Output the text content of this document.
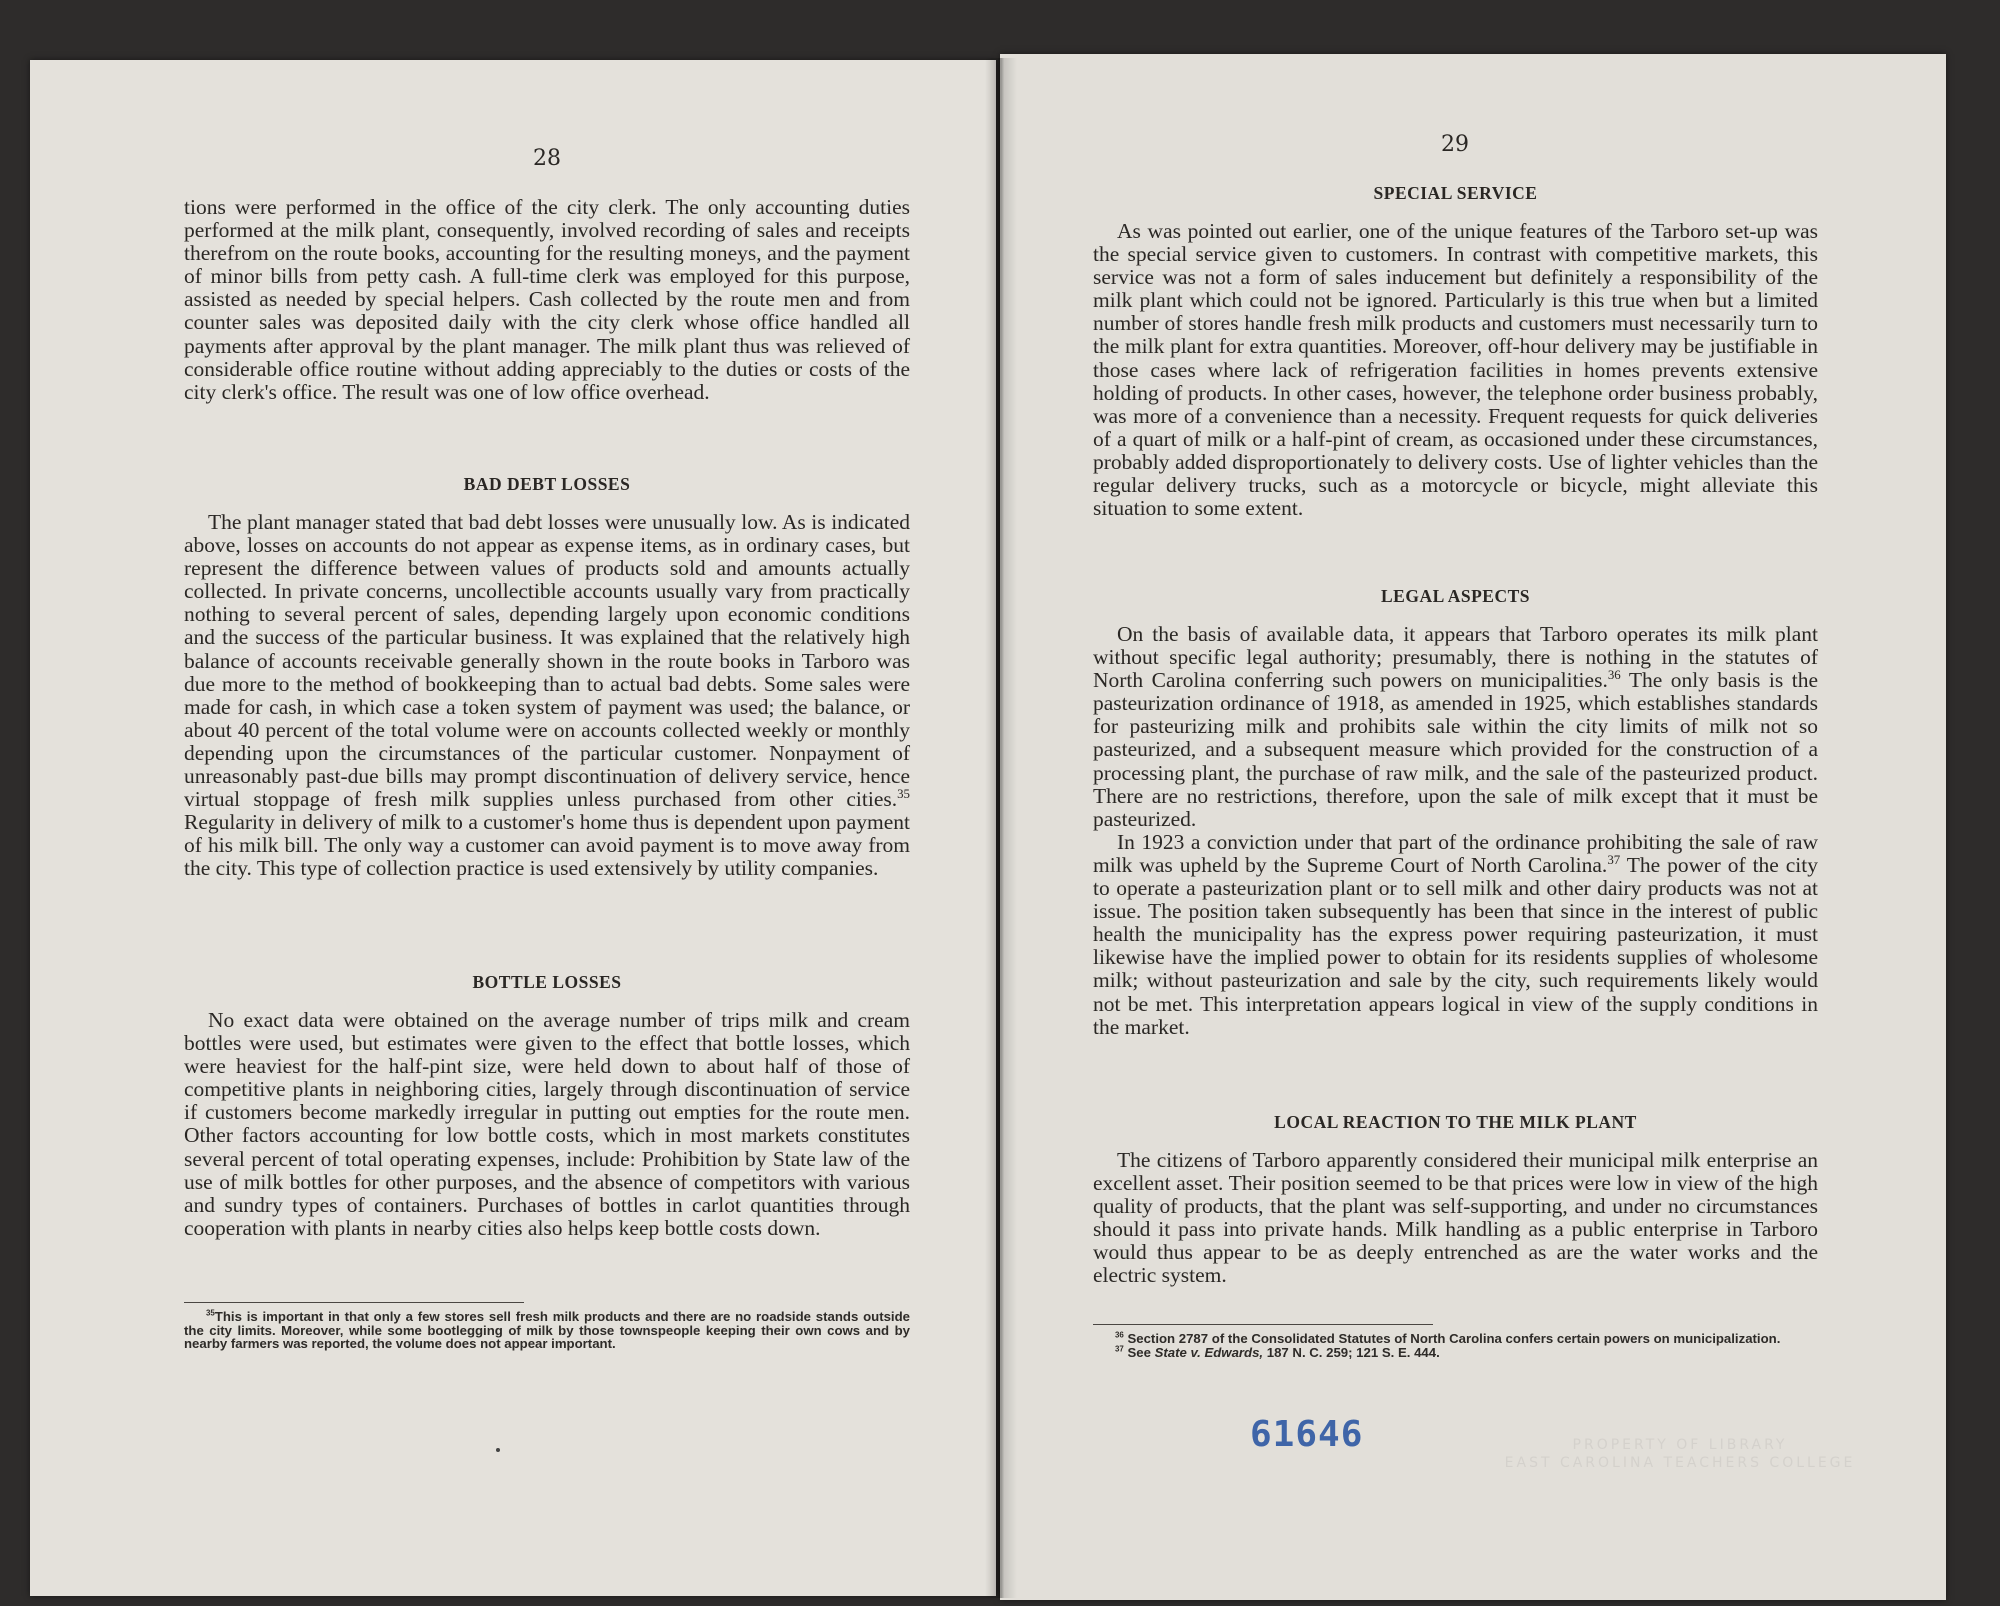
28

tions were performed in the office of the city clerk. The only accounting duties performed at the milk plant, consequently, involved recording of sales and receipts therefrom on the route books, accounting for the resulting moneys, and the payment of minor bills from petty cash. A full-time clerk was employed for this purpose, assisted as needed by special helpers. Cash collected by the route men and from counter sales was deposited daily with the city clerk whose office handled all payments after approval by the plant manager. The milk plant thus was relieved of considerable office routine without adding appreciably to the duties or costs of the city clerk's office. The result was one of low office overhead.

BAD DEBT LOSSES

The plant manager stated that bad debt losses were unusually low. As is indicated above, losses on accounts do not appear as expense items, as in ordinary cases, but represent the difference between values of products sold and amounts actually collected. In private concerns, uncollectible accounts usually vary from practically nothing to several percent of sales, depending largely upon economic conditions and the success of the particular business. It was explained that the relatively high balance of accounts receivable generally shown in the route books in Tarboro was due more to the method of bookkeeping than to actual bad debts. Some sales were made for cash, in which case a token system of payment was used; the balance, or about 40 percent of the total volume were on accounts collected weekly or monthly depending upon the circumstances of the particular customer. Nonpayment of unreasonably past-due bills may prompt discontinuation of delivery service, hence virtual stoppage of fresh milk supplies unless purchased from other cities.$^{35}$ Regularity in delivery of milk to a customer's home thus is dependent upon payment of his milk bill. The only way a customer can avoid payment is to move away from the city. This type of collection practice is used extensively by utility companies.

BOTTLE LOSSES

No exact data were obtained on the average number of trips milk and cream bottles were used, but estimates were given to the effect that bottle losses, which were heaviest for the half-pint size, were held down to about half of those of competitive plants in neighboring cities, largely through discontinuation of service if customers become markedly irregular in putting out empties for the route men. Other factors accounting for low bottle costs, which in most markets constitutes several percent of total operating expenses, include: Prohibition by State law of the use of milk bottles for other purposes, and the absence of competitors with various and sundry types of containers. Purchases of bottles in carlot quantities through cooperation with plants in nearby cities also helps keep bottle costs down.

$^{35}$This is important in that only a few stores sell fresh milk products and there are no roadside stands outside the city limits. Moreover, while some bootlegging of milk by those townspeople keeping their own cows and by nearby farmers was reported, the volume does not appear important.

29
SPECIAL SERVICE

As was pointed out earlier, one of the unique features of the Tarboro set-up was the special service given to customers. In contrast with competitive markets, this service was not a form of sales inducement but definitely a responsibility of the milk plant which could not be ignored. Particularly is this true when but a limited number of stores handle fresh milk products and customers must necessarily turn to the milk plant for extra quantities. Moreover, off-hour delivery may be justifiable in those cases where lack of refrigeration facilities in homes prevents extensive holding of products. In other cases, however, the telephone order business probably, was more of a convenience than a necessity. Frequent requests for quick deliveries of a quart of milk or a half-pint of cream, as occasioned under these circumstances, probably added disproportionately to delivery costs. Use of lighter vehicles than the regular delivery trucks, such as a motorcycle or bicycle, might alleviate this situation to some extent.

LEGAL ASPECTS

On the basis of available data, it appears that Tarboro operates its milk plant without specific legal authority; presumably, there is nothing in the statutes of North Carolina conferring such powers on municipalities.$^{36}$ The only basis is the pasteurization ordinance of 1918, as amended in 1925, which establishes standards for pasteurizing milk and prohibits sale within the city limits of milk not so pasteurized, and a subsequent measure which provided for the construction of a processing plant, the purchase of raw milk, and the sale of the pasteurized product. There are no restrictions, therefore, upon the sale of milk except that it must be pasteurized.

In 1923 a conviction under that part of the ordinance prohibiting the sale of raw milk was upheld by the Supreme Court of North Carolina.$^{37}$ The power of the city to operate a pasteurization plant or to sell milk and other dairy products was not at issue. The position taken subsequently has been that since in the interest of public health the municipality has the express power requiring pasteurization, it must likewise have the implied power to obtain for its residents supplies of wholesome milk; without pasteurization and sale by the city, such requirements likely would not be met. This interpretation appears logical in view of the supply conditions in the market.

LOCAL REACTION TO THE MILK PLANT

The citizens of Tarboro apparently considered their municipal milk enterprise an excellent asset. Their position seemed to be that prices were low in view of the high quality of products, that the plant was self-supporting, and under no circumstances should it pass into private hands. Milk handling as a public enterprise in Tarboro would thus appear to be as deeply entrenched as are the water works and the electric system.

$^{36}$ Section 2787 of the Consolidated Statutes of North Carolina confers certain powers on municipalization.

$^{37}$ See State v. Edwards, 187 N. C. 259; 121 S. E. 444.

61646	PROPERTY OF LIBRARY
EAST CAROLINA TEACHERS COLLEGE
